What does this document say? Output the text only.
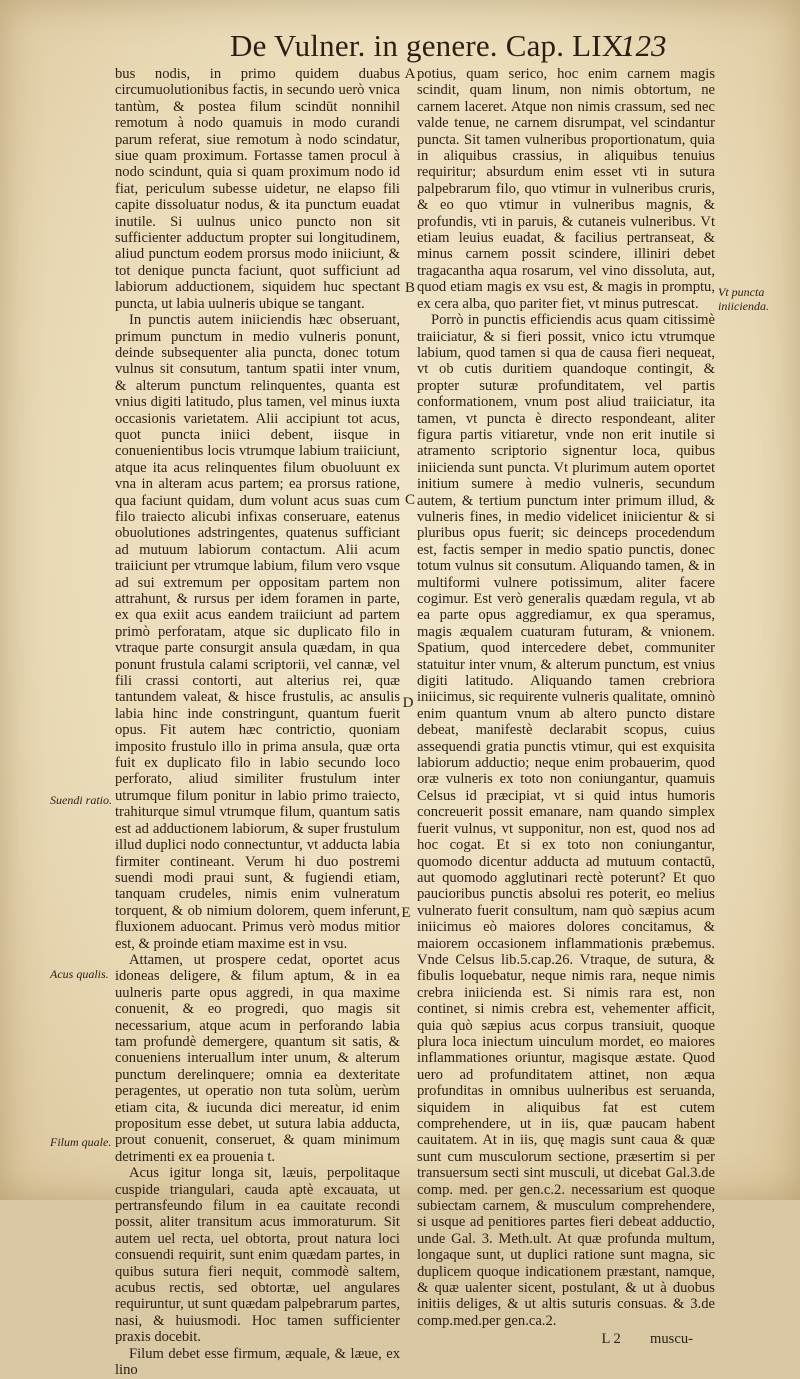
De Vulner. in genere. Cap. LIX.
123

bus nodis, in primo quidem duabus circumuolutionibus factis, in secundo uerò vnica tantùm, & postea filum scindūt nonnihil remotum à nodo quamuis in modo curandi parum referat, siue remotum à nodo scindatur, siue quam proximum. Fortasse tamen procul à nodo scindunt, quia si quam proximum nodo id fiat, periculum subesse uidetur, ne elapso fili capite dissoluatur nodus, & ita punctum euadat inutile. Si uulnus unico puncto non sit sufficienter adductum propter sui longitudinem, aliud punctum eodem prorsus modo iniiciunt, & tot denique puncta faciunt, quot sufficiunt ad labiorum adductionem, siquidem huc spectant puncta, ut labia uulneris ubique se tangant.

In punctis autem iniiciendis hæc obseruant, primum punctum in medio vulneris ponunt, deinde subsequenter alia puncta, donec totum vulnus sit consutum, tantum spatii inter vnum, & alterum punctum relinquentes, quanta est vnius digiti latitudo, plus tamen, vel minus iuxta occasionis varietatem. Alii accipiunt tot acus, quot puncta iniici debent, iisque in conuenientibus locis vtrumque labium traiiciunt, atque ita acus relinquentes filum obuoluunt ex vna in alteram acus partem; ea prorsus ratione, qua faciunt quidam, dum volunt acus suas cum filo traiecto alicubi infixas conseruare, eatenus obuolutiones adstringentes, quatenus sufficiant ad mutuum labiorum contactum. Alii acum traiiciunt per vtrumque labium, filum vero vsque ad sui extremum per oppositam partem non attrahunt, & rursus per idem foramen in parte, ex qua exiit acus eandem traiiciunt ad partem primò perforatam, atque sic duplicato filo in vtraque parte consurgit ansula quædam, in qua ponunt frustula calami scriptorii, vel cannæ, vel fili crassi contorti, aut alterius rei, quæ tantundem valeat, & hisce frustulis, ac ansulis labia hinc inde constringunt, quantum fuerit opus. Fit autem hæc contrictio, quoniam imposito frustulo illo in prima ansula, quæ orta fuit ex duplicato filo in labio secundo loco perforato, aliud similiter frustulum inter utrumque filum ponitur in labio primo traiecto, trahiturque simul vtrumque filum, quantum satis est ad adductionem labiorum, & super frustulum illud duplici nodo connectuntur, vt adducta labia firmiter contineant. Verum hi duo postremi suendi modi praui sunt, & fugiendi etiam, tanquam crudeles, nimis enim vulneratum torquent, & ob nimium dolorem, quem inferunt, fluxionem aduocant. Primus verò modus mitior est, & proinde etiam maxime est in vsu.

Attamen, ut prospere cedat, oportet acus idoneas deligere, & filum aptum, & in ea uulneris parte opus aggredi, in qua maxime conuenit, & eo progredi, quo magis sit necessarium, atque acum in perforando labia tam profundè demergere, quantum sit satis, & conueniens interuallum inter unum, & alterum punctum derelinquere; omnia ea dexteritate peragentes, ut operatio non tuta solùm, uerùm etiam cita, & iucunda dici mereatur, id enim propositum esse debet, ut sutura labia adducta, prout conuenit, conseruet, & quam minimum detrimenti ex ea prouenia t.

Acus igitur longa sit, læuis, perpolitaque cuspide triangulari, cauda aptè excauata, ut pertransfeundo filum in ea cauitate recondi possit, aliter transitum acus immoraturum. Sit autem uel recta, uel obtorta, prout natura loci consuendi requirit, sunt enim quædam partes, in quibus sutura fieri nequit, commodè saltem, acubus rectis, sed obtortæ, uel angulares requiruntur, ut sunt quædam palpebrarum partes, nasi, & huiusmodi. Hoc tamen sufficienter praxis docebit.

Filum debet esse firmum, æquale, & læue, ex lino

potius, quam serico, hoc enim carnem magis scindit, quam linum, non nimis obtortum, ne carnem laceret. Atque non nimis crassum, sed nec valde tenue, ne carnem disrumpat, vel scindantur puncta. Sit tamen vulneribus proportionatum, quia in aliquibus crassius, in aliquibus tenuius requiritur; absurdum enim esset vti in sutura palpebrarum filo, quo vtimur in vulneribus cruris, & eo quo vtimur in vulneribus magnis, & profundis, vti in paruis, & cutaneis vulneribus. Vt etiam leuius euadat, & facilius pertranseat, & minus carnem possit scindere, illiniri debet tragacantha aqua rosarum, vel vino dissoluta, aut, quod etiam magis ex vsu est, & magis in promptu, ex cera alba, quo pariter fiet, vt minus putrescat.

Porrò in punctis efficiendis acus quam citissimè traiiciatur, & si fieri possit, vnico ictu vtrumque labium, quod tamen si qua de causa fieri nequeat, vt ob cutis duritiem quandoque contingit, & propter suturæ profunditatem, vel partis conformationem, vnum post aliud traiiciatur, ita tamen, vt puncta è directo respondeant, aliter figura partis vitiaretur, vnde non erit inutile si atramento scriptorio signentur loca, quibus iniicienda sunt puncta. Vt plurimum autem oportet initium sumere à medio vulneris, secundum autem, & tertium punctum inter primum illud, & vulneris fines, in medio videlicet iniicientur & si pluribus opus fuerit; sic deinceps procedendum est, factis semper in medio spatio punctis, donec totum vulnus sit consutum. Aliquando tamen, & in multiformi vulnere potissimum, aliter facere cogimur. Est verò generalis quædam regula, vt ab ea parte opus aggrediamur, ex qua speramus, magis æqualem cuaturam futuram, & vnionem. Spatium, quod intercedere debet, communiter statuitur inter vnum, & alterum punctum, est vnius digiti latitudo. Aliquando tamen crebriora iniicimus, sic requirente vulneris qualitate, omninò enim quantum vnum ab altero puncto distare debeat, manifestè declarabit scopus, cuius assequendi gratia punctis vtimur, qui est exquisita labiorum adductio; neque enim probauerim, quod oræ vulneris ex toto non coniungantur, quamuis Celsus id præcipiat, vt si quid intus humoris concreuerit possit emanare, nam quando simplex fuerit vulnus, vt supponitur, non est, quod nos ad hoc cogat. Et si ex toto non coniungantur, quomodo dicentur adducta ad mutuum contactū, aut quomodo agglutinari rectè poterunt? Et quo paucioribus punctis absolui res poterit, eo melius vulnerato fuerit consultum, nam quò sæpius acum iniicimus eò maiores dolores concitamus, & maiorem occasionem inflammationis præbemus. Vnde Celsus lib.5.cap.26. Vtraque, de sutura, & fibulis loquebatur, neque nimis rara, neque nimis crebra iniicienda est. Si nimis rara est, non continet, si nimis crebra est, vehementer afficit, quia quò sæpius acus corpus transiuit, quoque plura loca iniectum uinculum mordet, eo maiores inflammationes oriuntur, magisque æstate. Quod uero ad profunditatem attinet, non æqua profunditas in omnibus uulneribus est seruanda, siquidem in aliquibus fat est cutem comprehendere, ut in iis, quæ paucam habent cauitatem. At in iis, quę magis sunt caua & quæ sunt cum musculorum sectione, præsertim si per transuersum secti sint musculi, ut dicebat Gal.3.de comp. med. per gen.c.2. necessarium est quoque subiectam carnem, & musculum comprehendere, si usque ad penitiores partes fieri debeat adductio, unde Gal. 3. Meth.ult. At quæ profunda multum, longaque sunt, ut duplici ratione sunt magna, sic duplicem quoque indicationem præstant, namque, & quæ ualenter sicent, postulant, & ut à duobus initiis deliges, & ut altis suturis consuas. & 3.de comp.med.per gen.ca.2.

L 2 muscu-
Suendi ratio.
Acus qualis.
Filum quale.
Vt puncta iniicienda.
A
B
C
D
E
